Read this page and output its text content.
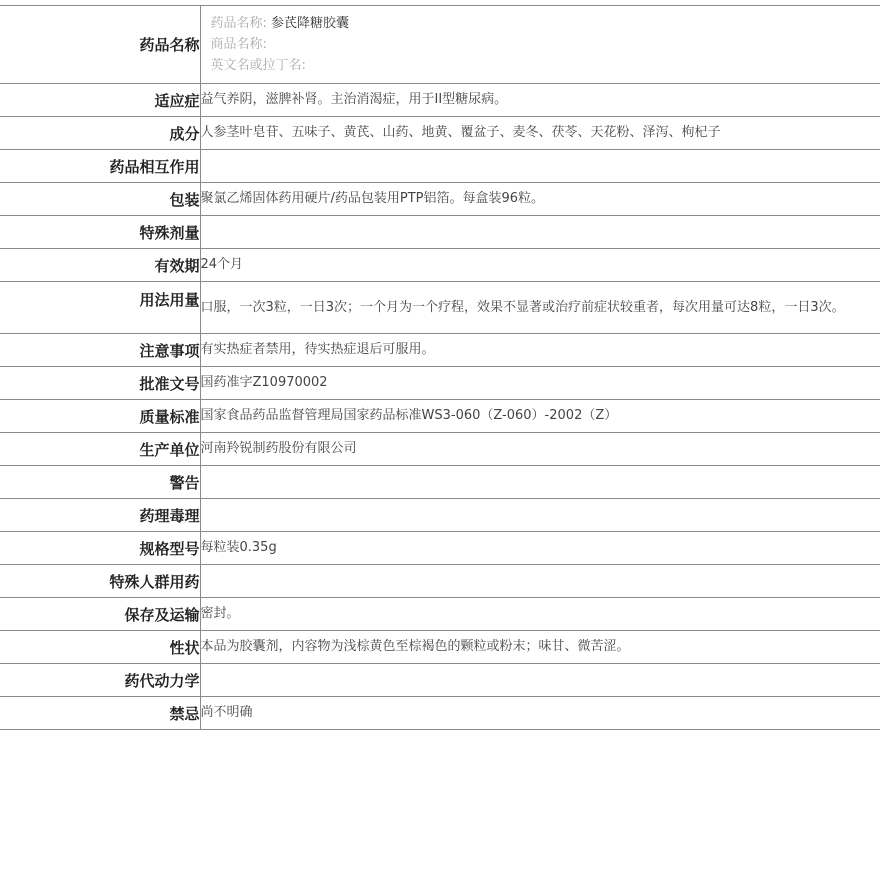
药品名称	药品名称: 参芪降糖胶囊
商品名称:
英文名或拉丁名:

适应症	益气养阴，滋脾补肾。主治消渴症，用于II型糖尿病。
成分	人参茎叶皂苷、五味子、黄芪、山药、地黄、覆盆子、麦冬、茯苓、天花粉、泽泻、枸杞子
药品相互作用	
包装	聚氯乙烯固体药用硬片/药品包装用PTP铝箔。每盒装96粒。
特殊剂量	
有效期	24个月
用法用量	口服，一次3粒，一日3次；一个月为一个疗程，效果不显著或治疗前症状较重者，每次用量可达8粒，一日3次。
注意事项	有实热症者禁用，待实热症退后可服用。
批准文号	国药准字Z10970002
质量标准	国家食品药品监督管理局国家药品标准WS3-060（Z-060）-2002（Z）
生产单位	河南羚锐制药股份有限公司
警告	
药理毒理	
规格型号	每粒装0.35g
特殊人群用药	
保存及运输	密封。
性状	本品为胶囊剂，内容物为浅棕黄色至棕褐色的颗粒或粉末；味甘、微苦涩。
药代动力学	
禁忌	尚不明确
